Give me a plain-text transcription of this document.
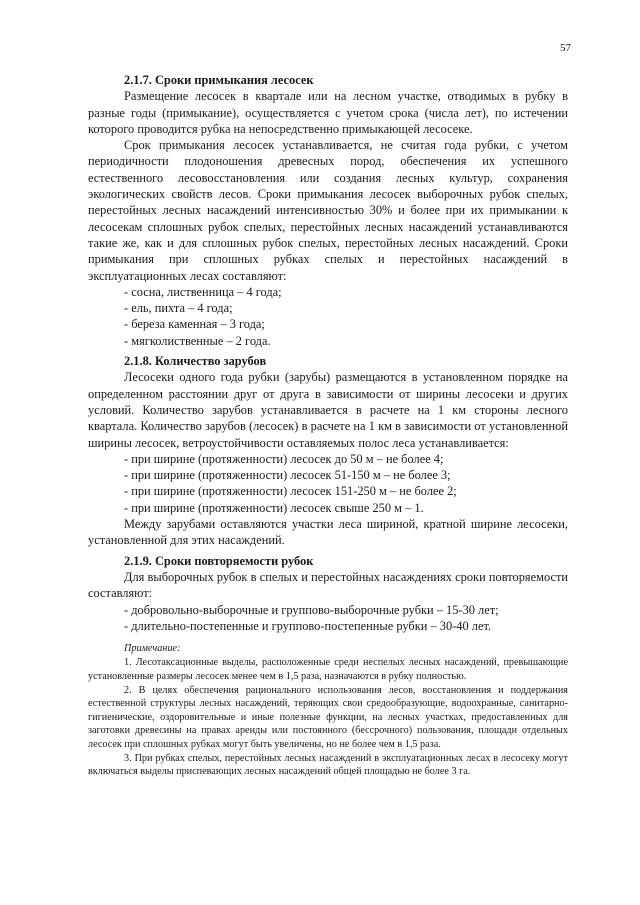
57
2.1.7. Сроки примыкания лесосек

Размещение лесосек в квартале или на лесном участке, отводимых в рубку в разные годы (примыкание), осуществляется с учетом срока (числа лет), по истечении которого проводится рубка на непосредственно примыкающей лесосеке.

Срок примыкания лесосек устанавливается, не считая года рубки, с учетом периодичности плодоношения древесных пород, обеспечения их успешного естественного лесовосстановления или создания лесных культур, сохранения экологических свойств лесов. Сроки примыкания лесосек выборочных рубок спелых, перестойных лесных насаждений интенсивностью 30% и более при их примыкании к лесосекам сплошных рубок спелых, перестойных лесных насаждений устанавливаются такие же, как и для сплошных рубок спелых, перестойных лесных насаждений. Сроки примыкания при сплошных рубках спелых и перестойных насаждений в эксплуатационных лесах составляют:

- сосна, лиственница – 4 года;

- ель, пихта – 4 года;

- береза каменная – 3 года;

- мягколиственные – 2 года.

2.1.8. Количество зарубов

Лесосеки одного года рубки (зарубы) размещаются в установленном порядке на определенном расстоянии друг от друга в зависимости от ширины лесосеки и других условий. Количество зарубов устанавливается в расчете на 1 км стороны лесного квартала. Количество зарубов (лесосек) в расчете на 1 км в зависимости от установленной ширины лесосек, ветроустойчивости оставляемых полос леса устанавливается:

- при ширине (протяженности) лесосек до 50 м – не более 4;

- при ширине (протяженности) лесосек 51-150 м – не более 3;

- при ширине (протяженности) лесосек 151-250 м – не более 2;

- при ширине (протяженности) лесосек свыше 250 м – 1.

Между зарубами оставляются участки леса шириной, кратной ширине лесосеки, установленной для этих насаждений.

2.1.9. Сроки повторяемости рубок

Для выборочных рубок в спелых и перестойных насаждениях сроки повторяемости составляют:

- добровольно-выборочные и группово-выборочные рубки – 15-30 лет;

- длительно-постепенные и группово-постепенные рубки – 30-40 лет.

Примечание:

1. Лесотаксационные выделы, расположенные среди неспелых лесных насаждений, превышающие установленные размеры лесосек менее чем в 1,5 раза, назначаются в рубку полностью.

2. В целях обеспечения рационального использования лесов, восстановления и поддержания естественной структуры лесных насаждений, теряющих свои средообразующие, водоохранные, санитарно-гигиенические, оздоровительные и иные полезные функции, на лесных участках, предоставленных для заготовки древесины на правах аренды или постоянного (бессрочного) пользования, площади отдельных лесосек при сплошных рубках могут быть увеличены, но не более чем в 1,5 раза.

3. При рубках спелых, перестойных лесных насаждений в эксплуатационных лесах в лесосеку могут включаться выделы приспевающих лесных насаждений общей площадью не более 3 га.
